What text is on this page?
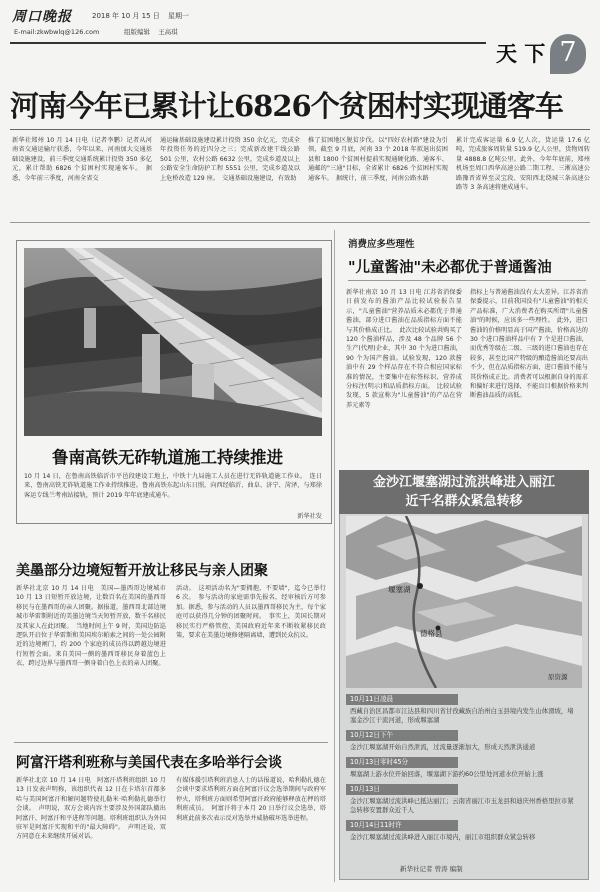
周口晚报	2018 年 10 月 15 日 星期一
E-mail:zkwbwlq@126.com	组版编辑 王高琪
天 下 7
河南今年已累计让6826个贫困村实现通客车
新华社郑州 10 月 14 日电（记者李鹏）记者从河南省交通运输厅获悉，今年以来，河南加大交通基础设施建设，前三季度交通系统累计投资 350 多亿元，累计帮助 6826 个贫困村实现通客车。　据悉，今年前三季度，河南全省交
通运输基础设施建设累计投资 350 余亿元，完成全年投资任务的近四分之三；完成新改建干线公路 501 公里，农村公路 6632 公里，完成乡道及以上公路安全生命防护工程 5551 公里，完成乡道及以上危桥改造 129 座。　交通基础设施建设，有效助
推了贫困地区脱贫步伐。以"四好农村路"建设为引领，截至 9 月底，河南 33 个 2018 年拟退出贫困县和 1800 个贫困村提前实现通硬化路、通客车、通邮的"三通"目标，全省累计 6826 个贫困村实现通客车。　据统计，前三季度，河南公路水路
累计完成客运量 6.9 亿人次，货运量 17.6 亿吨，完成旅客周转量 519.9 亿人公里，货物周转量 4888.8 亿吨公里。此外，今年年底前，郑州机场至周口西华高速公路二期工程、三淅高速公路豫晋省界至灵宝段、安阳西北绕城三条高速公路等 3 条高速将建成通车。
鲁南高铁无砟轨道施工持续推进
10 月 14 日，在鲁南高铁临沂市平邑段建设工地上，中铁十九局施工人员在进行无砟轨道施工作业。　连日来，鲁南高铁无砟轨道施工作业持续推进。鲁南高铁东起山东日照，向西经临沂、曲阜、济宁、菏泽，与郑徐客运专线兰考南站接轨，预计 2019 年年底建成通车。
新华社发
消费应多些理性
"儿童酱油"未必都优于普通酱油
新华社南京 10 月 13 日电 江苏省消保委日前发布的酱油产品比较试验报告显示，"儿童酱油"营养品质未必都优于普通酱油，部分进口酱油在品质指标方面不能与其价格成正比。　此次比较试验共购买了 120 个酱油样品，涉及 48 个品牌 56 个生产(代理)企业，其中 30 个为进口酱油，90 个为国产酱油。试验发现，120 款酱油中有 29 个样品存在不符合相应国家标准的情况，主要集中在标签标识、营养成分标注(明示)和品质指标方面。　比较试验发现，5 款宣称为"儿童酱油"的产品在营养元素等
指标上与普通酱油没有太大差异。江苏省消保委提示，目前我国没有"儿童酱油"的相关产品标准，广大消费者在购买所谓"儿童酱油"的时候，应该多一些理性。　此外，进口酱油的价格明显高于国产酱油，价格高达的 30 个进口酱油样品中有 7 个是进口酱油，而优秀等级在二级、三级的进口酱油也存在较多，甚至比国产特级的酿造酱油还要高出不少，但在品质指标方面，进口酱油不能与其价格成正比。消费者可以根据自身的需求和偏好来进行选择，不能盲目根据价格来判断酱油品质的高低。
美墨部分边境短暂开放让移民与亲人团聚
新华社北京 10 月 14 日电　美国—墨西哥边境城市 10 月 13 日短暂开放边境，让数百名在美国的墨西哥移民与在墨西哥的亲人团聚。据报道，墨西哥北部边境城市华雷斯附近的美墨边境当天短暂开放，数千名移民及其家人在此团聚。　当地时间上午 9 时，美国边防巡逻队开启位于华雷斯和美国埃尔帕索之间的一处公园附近的边境闸门，约 200 个家庭的成员得以跨越边境进行短暂会面。来自美国一侧的墨西哥移民身着蓝色上衣，跨过边界与墨西哥一侧身着白色上衣的亲人团聚。
活动。　这项活动名为"要拥抱，不要墙"，迄今已举行 6 次。　参与活动的家庭需事先报名，经审核后方可参加。据悉，参与活动的人员以墨西哥移民为主，每个家庭可以获得几分钟的团聚时间。　事实上，美国长期对移民实行严格管控，美国政府近年来不断收紧移民政策，要求在美墨边境修建隔离墙，遭到民众抗议。
阿富汗塔利班称与美国代表在多哈举行会谈
新华社北京 10 月 14 日电　阿富汗塔利班组织 10 月 13 日发表声明称，该组织代表 12 日在卡塔尔首都多哈与美国阿富汗和解问题特使扎勒米·哈利勒扎德举行会谈。　声明说，双方会谈内容主要涉及外国部队撤出阿富汗、阿富汗和平进程等问题。塔利班组织认为外国驻军是阿富汗实现和平的"最大障碍"。　声明还说，双方同意在未来继续开展对话。
有媒体援引塔利班消息人士的话报道说，哈利勒扎德在会谈中要求塔利班方面在阿富汗议会选举期间与政府军停火，塔利班方面则希望阿富汗政府能够释放在押的塔利班成员。　阿富汗将于本月 20 日举行议会选举，塔利班此前多次表示反对选举并威胁破坏选举进程。
金沙江堰塞湖过流洪峰进入丽江
近千名群众紧急转移
堰塞湖
德格县
原资源
10月11日凌晨
西藏自治区昌都市江达县和四川省甘孜藏族自治州白玉县境内发生山体滑坡，堵塞金沙江干流河道，形成堰塞湖
10月12日下午
金沙江堰塞湖开始自然泄流，过流量逐渐加大，形成天然泄洪通道
10月13日零时45分
堰塞湖上游水位开始回落，堰塞湖下游约60公里处河道水位开始上涨
10月13日
金沙江堰塞湖过流洪峰已抵达丽江；云南省丽江市玉龙县和迪庆州香格里拉市紧急转移安置群众近千人
10月14日11时许
金沙江堰塞湖过流洪峰进入丽江市境内，丽江市组织群众紧急转移
新华社记者 曾涛 编制
